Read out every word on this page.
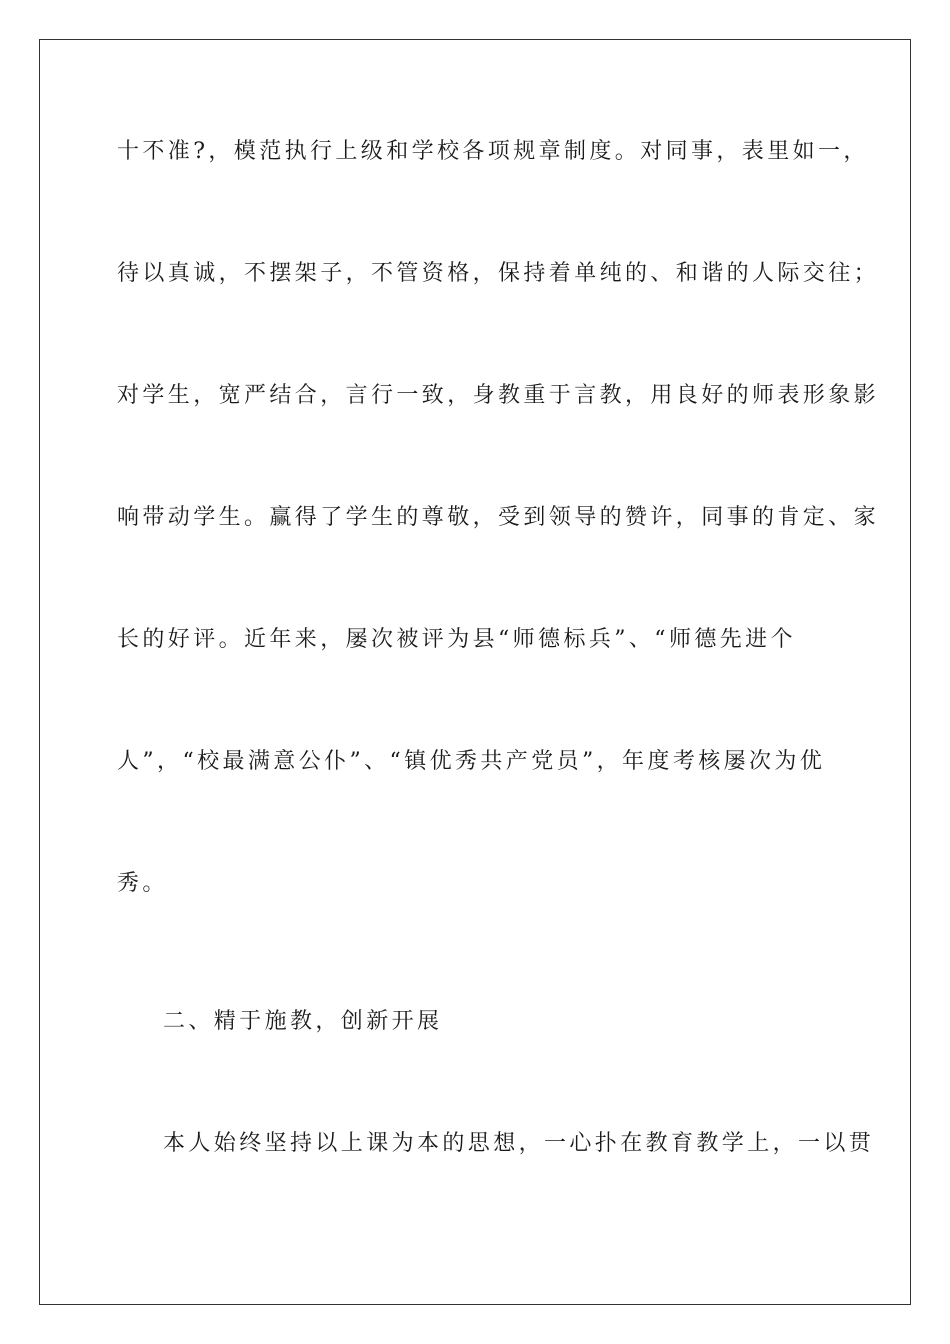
十不准?，模范执行上级和学校各项规章制度。对同事，表里如一，
待以真诚，不摆架子，不管资格，保持着单纯的、和谐的人际交往；
对学生，宽严结合，言行一致，身教重于言教，用良好的师表形象影
响带动学生。赢得了学生的尊敬，受到领导的赞许，同事的肯定、家
长的好评。近年来，屡次被评为县“师德标兵”、“师德先进个
人”，“校最满意公仆”、“镇优秀共产党员”，年度考核屡次为优
秀。
二、精于施教，创新开展
本人始终坚持以上课为本的思想，一心扑在教育教学上，一以贯
